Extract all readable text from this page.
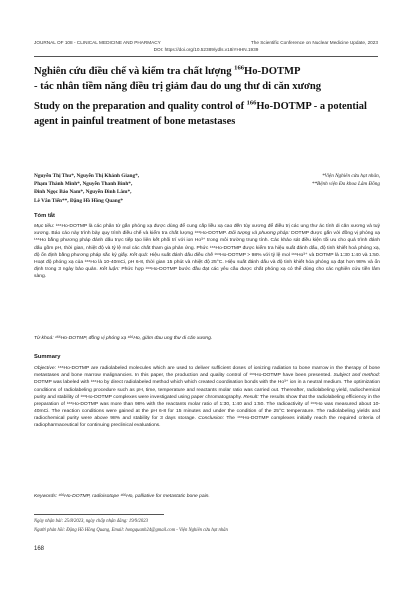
JOURNAL OF 108 - CLINICAL MEDICINE AND PHARMACY	The Scientific Conference on Nuclear Medicine Update, 2023
DOI: https://doi.org/10.52389/ydls.v18iYHHN.1939
Nghiên cứu điều chế và kiểm tra chất lượng $^{166}$Ho-DOTMP
- tác nhân tiềm năng điều trị giảm đau do ung thư di căn xương
Study on the preparation and quality control of $^{166}$Ho-DOTMP - a potential agent in painful treatment of bone metastases
Nguyễn Thị Thu*, Nguyễn Thị Khánh Giang*,
Phạm Thành Minh*, Nguyễn Thanh Bình*,
Đinh Ngọc Bảo Nam*, Nguyễn Đình Lâm*,
Lê Văn Tiến**, Đặng Hồ Hồng Quang*
*Viện Nghiên cứu hạt nhân,
**Bệnh viện Đa khoa Lâm Đồng
Tóm tắt
Mục tiêu: ¹⁶⁶Ho-DOTMP là các phân tử gắn phóng xạ được dùng để cung cấp liều xạ cao đến tủy xương để điều trị các ung thư ác tính di căn xương và tuỷ xương. Báo cáo này trình bày quy trình điều chế và kiểm tra chất lượng ¹⁶⁶Ho-DOTMP. Đối tượng và phương pháp: DOTMP được gắn với đồng vị phóng xạ ¹⁶⁶Ho bằng phương pháp đánh dấu trực tiếp tạo liên kết phối trí với ion Ho³⁺ trong môi trường trung tính. Các khảo sát điều kiện tối ưu cho quá trình đánh dấu gồm pH, thời gian, nhiệt độ và tỷ lệ mol các chất tham gia phản ứng. Phức ¹⁶⁶Ho-DOTMP được kiểm tra hiệu suất đánh dấu, độ tinh khiết hoá phóng xạ, độ ổn định bằng phương pháp sắc ký giấy. Kết quả: Hiệu suất đánh dấu điều chế ¹⁶⁶Ho-DOTMP > 98% với tỷ lệ mol ¹⁶⁶Ho³⁺ và DOTMP là 1:30 1:40 và 1:50. Hoạt độ phóng xạ của ¹⁶⁶Ho là 10-40mCi, pH 6-8, thời gian 15 phút và nhiệt độ 25°C. Hiệu suất đánh dấu và độ tinh khiết hóa phóng xạ đạt hơn 98% và ổn định trong 3 ngày bảo quản. Kết luận: Phức hợp ¹⁶⁶Ho-DOTMP bước đầu đạt các yêu cầu được chất phóng xạ có thể dùng cho các nghiên cứu tiền lâm sàng.
Từ khoá: ¹⁶⁶Ho-DOTMP, đồng vị phóng xạ ¹⁶⁶Ho, giảm đau ung thư di căn xương.
Summary
Objective: ¹⁶⁶Ho-DOTMP are radiolabeled molecules which are used to deliver sufficient doses of ionizing radiation to bone marrow in the therapy of bone metastases and bone marrow malignancies. In this paper, the production and quality control of ¹⁶⁶Ho-DOTMP have been presented. Subject and method: DOTMP was labeled with ¹⁶⁶Ho by direct radiolabeled method which which created coordination bonds with the Ho³⁺ ion in a neutral medium. The optimization conditions of radiolabeling procedure such as pH, time, temperature and reactants molar ratio was carried out. Thereafter, radiolabeling yield, radiochemical purity and stability of ¹⁶⁶Ho-DOTMP complexes were investigated using paper chromatography. Result: The results show that the radiolabeling efficiency in the preparation of ¹⁶⁶Ho-DOTMP was more than 98% with the reactants molar ratio of 1:30, 1:40 and 1:50. The radioactivity of ¹⁶⁶Ho was measured about 10-40mCi. The reaction conditions were gained at the pH 6-8 for 15 minutes and under the condition of the 25°C temperature. The radiolabeling yields and radiochemical purity were above 98% and stability for 3 days storage. Conclusion: The ¹⁶⁶Ho-DOTMP complexes initially reach the required criteria of radiopharmaceutical for continuing preclinical evaluations.
Keywords: ¹⁶⁶Ho-DOTMP, radioisotope ¹⁶⁶Ho, palliative for metastatic bone pain.
Ngày nhận bài: 25/8/2023, ngày chấp nhận đăng: 19/9/2023
Người phản hồi: Đặng Hồ Hồng Quang, Email: hongquanh24@gmail.com - Viện Nghiên cứu hạt nhân
168
